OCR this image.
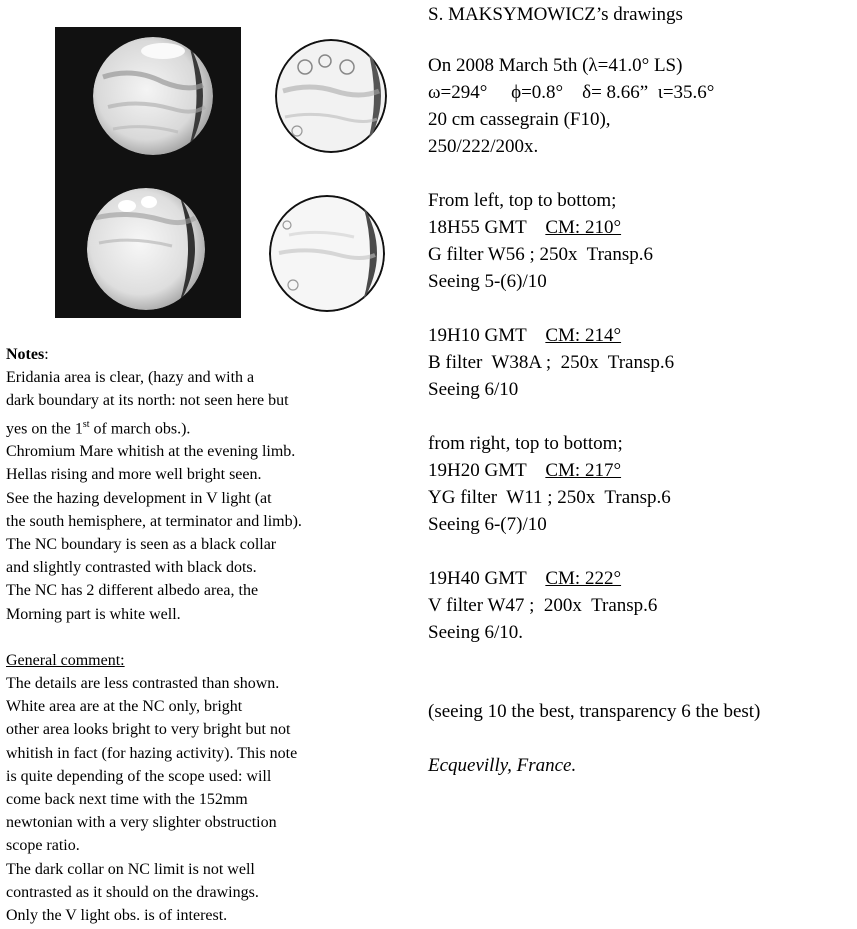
S. MAKSYMOWICZ’s drawings
On 2008 March 5th (λ=41.0° LS)
ω=294°     ϕ=0.8°    δ= 8.66”  ι=35.6°
20 cm cassegrain (F10),
250/222/200x.
From left, top to bottom;
18H55 GMT CM: 210°
G filter W56 ; 250x  Transp.6
Seeing 5-(6)/10
19H10 GMT CM: 214°
B filter  W38A ;  250x  Transp.6
Seeing 6/10
from right, top to bottom;
19H20 GMT CM: 217°
YG filter  W11 ; 250x  Transp.6
Seeing 6-(7)/10
19H40 GMT CM: 222°
V filter W47 ;  200x  Transp.6
Seeing 6/10.
(seeing 10 the best, transparency 6 the best)
Ecquevilly, France.

Notes:

Eridania area is clear, (hazy and with a

dark boundary at its north: not seen here but

yes on the 1st of march obs.).

Chromium Mare whitish at the evening limb.

Hellas rising and more well bright seen.

See the hazing development in V light (at

the south hemisphere, at terminator and limb).

The NC boundary is seen as a black collar

and slightly contrasted with black dots.

The NC has 2 different albedo area, the

Morning part is white well.

General comment:

The details are less contrasted than shown.

White area are at the NC only, bright

other area looks bright to very bright but not

whitish in fact (for hazing activity). This note

is quite depending of the scope used: will

come back next time with the 152mm

newtonian with a very slighter obstruction

scope ratio.

The dark collar on NC limit is not well

contrasted as it should on the drawings.

Only the V light obs. is of interest.
